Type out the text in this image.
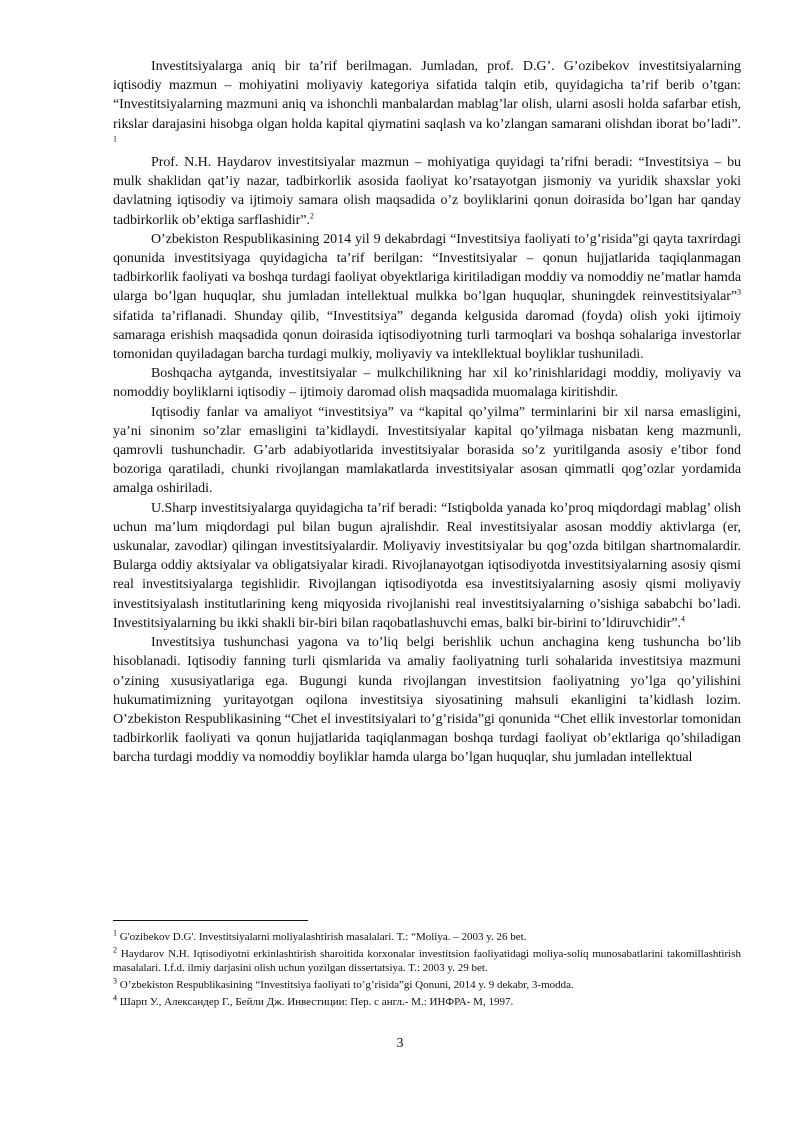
Investitsiyalarga aniq bir ta’rif berilmagan. Jumladan, prof. D.G’. G’ozibekov investitsiyalarning iqtisodiy mazmun – mohiyatini moliyaviy kategoriya sifatida talqin etib, quyidagicha ta’rif berib o’tgan: “Investitsiyalarning mazmuni aniq va ishonchli manbalardan mablag’lar olish, ularni asosli holda safarbar etish, rikslar darajasini hisobga olgan holda kapital qiymatini saqlash va ko’zlangan samarani olishdan iborat bo’ladi”. $^1$

Prof. N.H. Haydarov investitsiyalar mazmun – mohiyatiga quyidagi ta’rifni beradi: “Investitsiya – bu mulk shaklidan qat’iy nazar, tadbirkorlik asosida faoliyat ko’rsatayotgan jismoniy va yuridik shaxslar yoki davlatning iqtisodiy va ijtimoiy samara olish maqsadida o’z boyliklarini qonun doirasida bo’lgan har qanday tadbirkorlik ob’ektiga sarflashidir”.$^2$

O’zbekiston Respublikasining 2014 yil 9 dekabrdagi “Investitsiya faoliyati to’g’risida”gi qayta taxrirdagi qonunida investitsiyaga quyidagicha ta’rif berilgan: “Investitsiyalar – qonun hujjatlarida taqiqlanmagan tadbirkorlik faoliyati va boshqa turdagi faoliyat obyektlariga kiritiladigan moddiy va nomoddiy ne’matlar hamda ularga bo’lgan huquqlar, shu jumladan intellektual mulkka bo’lgan huquqlar, shuningdek reinvestitsiyalar”$^3$ sifatida ta’riflanadi. Shunday qilib, “Investitsiya” deganda kelgusida daromad (foyda) olish yoki ijtimoiy samaraga erishish maqsadida qonun doirasida iqtisodiyotning turli tarmoqlari va boshqa sohalariga investorlar tomonidan quyiladagan barcha turdagi mulkiy, moliyaviy va intekllektual boyliklar tushuniladi.

Boshqacha aytganda, investitsiyalar – mulkchilikning har xil ko’rinishlaridagi moddiy, moliyaviy va nomoddiy boyliklarni iqtisodiy – ijtimoiy daromad olish maqsadida muomalaga kiritishdir.

Iqtisodiy fanlar va amaliyot “investitsiya” va “kapital qo’yilma” terminlarini bir xil narsa emasligini, ya’ni sinonim so’zlar emasligini ta’kidlaydi. Investitsiyalar kapital qo’yilmaga nisbatan keng mazmunli, qamrovli tushunchadir. G’arb adabiyotlarida investitsiyalar borasida so’z yuritilganda asosiy e’tibor fond bozoriga qaratiladi, chunki rivojlangan mamlakatlarda investitsiyalar asosan qimmatli qog’ozlar yordamida amalga oshiriladi.

U.Sharp investitsiyalarga quyidagicha ta’rif beradi: “Istiqbolda yanada ko’proq miqdordagi mablag’ olish uchun ma’lum miqdordagi pul bilan bugun ajralishdir. Real investitsiyalar asosan moddiy aktivlarga (er, uskunalar, zavodlar) qilingan investitsiyalardir. Moliyaviy investitsiyalar bu qog’ozda bitilgan shartnomalardir. Bularga oddiy aktsiyalar va obligatsiyalar kiradi. Rivojlanayotgan iqtisodiyotda investitsiyalarning asosiy qismi real investitsiyalarga tegishlidir. Rivojlangan iqtisodiyotda esa investitsiyalarning asosiy qismi moliyaviy investitsiyalash institutlarining keng miqyosida rivojlanishi real investitsiyalarning o’sishiga sababchi bo’ladi. Investitsiyalarning bu ikki shakli bir-biri bilan raqobatlashuvchi emas, balki bir-birini to’ldiruvchidir”.$^4$

Investitsiya tushunchasi yagona va to’liq belgi berishlik uchun anchagina keng tushuncha bo’lib hisoblanadi. Iqtisodiy fanning turli qismlarida va amaliy faoliyatning turli sohalarida investitsiya mazmuni o’zining xususiyatlariga ega. Bugungi kunda rivojlangan investitsion faoliyatning yo’lga qo’yilishini hukumatimizning yuritayotgan oqilona investitsiya siyosatining mahsuli ekanligini ta’kidlash lozim. O’zbekiston Respublikasining “Chet el investitsiyalari to’g’risida”gi qonunida “Chet ellik investorlar tomonidan tadbirkorlik faoliyati va qonun hujjatlarida taqiqlanmagan boshqa turdagi faoliyat ob’ektlariga qo’shiladigan barcha turdagi moddiy va nomoddiy boyliklar hamda ularga bo’lgan huquqlar, shu jumladan intellektual

$^1$ G'ozibekov D.G'. Investitsiyalarni moliyalashtirish masalalari. T.: “Moliya. – 2003 y. 26 bet.

$^2$ Haydarov N.H. Iqtisodiyotni erkinlashtirish sharoitida korxonalar investitsion faoliyatidagi moliya-soliq munosabatlarini takomillashtirish masalalari. I.f.d. ilmiy darjasini olish uchun yozilgan dissertatsiya. T.: 2003 y. 29 bet.

$^3$ O’zbekiston Respublikasining “Investitsiya faoliyati to’g’risida”gi Qonuni, 2014 y. 9 dekabr, 3-modda.

$^4$ Шарп У., Александер Г., Бейли Дж. Инвестиции: Пер. с англ.- М.: ИНФРА- М, 1997.

3
